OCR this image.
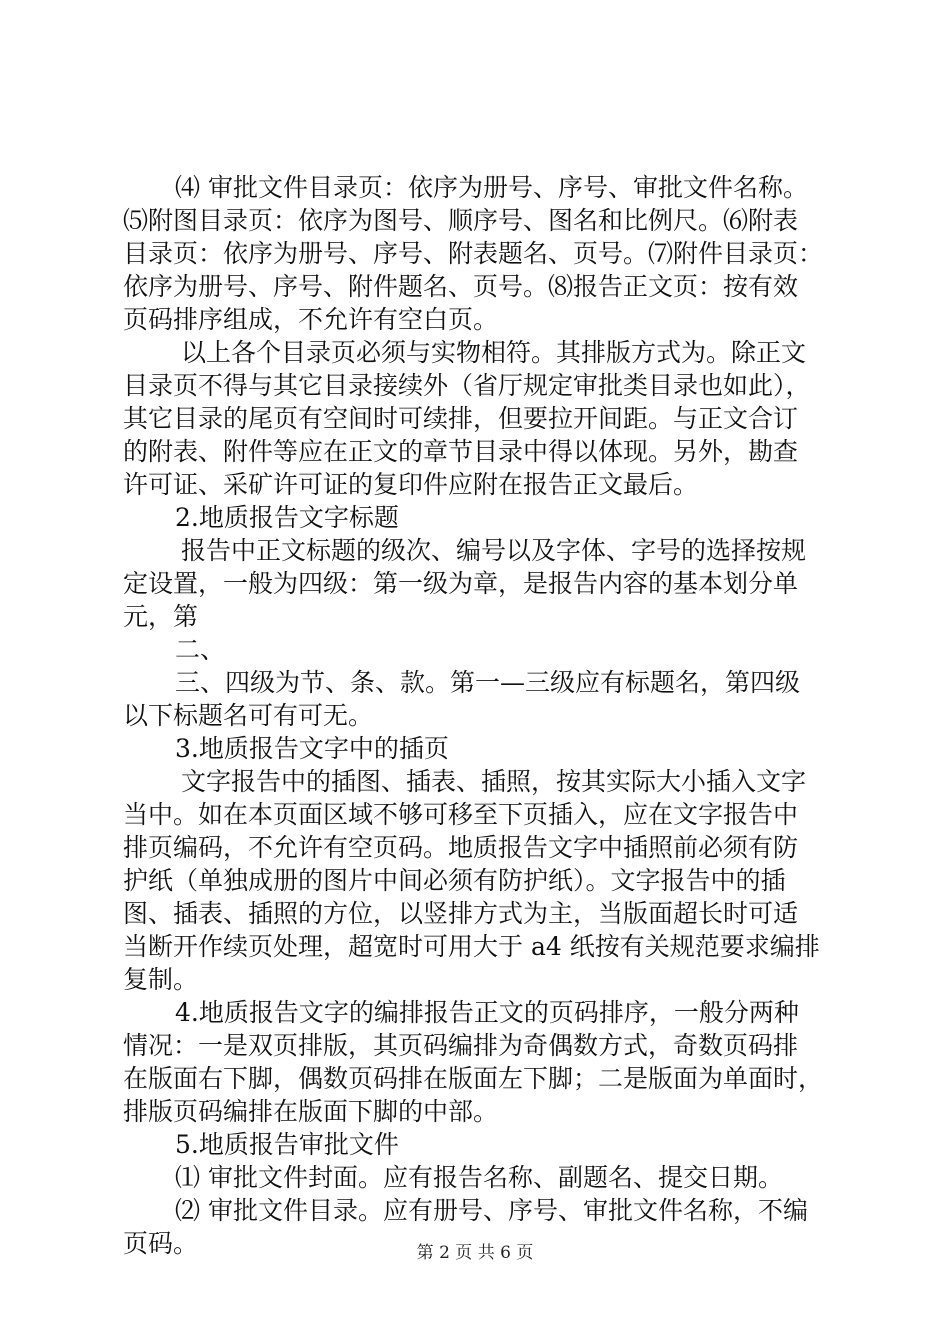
⑷ 审批文件目录页：依序为册号、序号、审批文件名称。
⑸附图目录页：依序为图号、顺序号、图名和比例尺。⑹附表
目录页：依序为册号、序号、附表题名、页号。⑺附件目录页：
依序为册号、序号、附件题名、页号。⑻报告正文页：按有效
页码排序组成，不允许有空白页。
以上各个目录页必须与实物相符。其排版方式为。除正文
目录页不得与其它目录接续外（省厅规定审批类目录也如此），
其它目录的尾页有空间时可续排，但要拉开间距。与正文合订
的附表、附件等应在正文的章节目录中得以体现。另外，勘查
许可证、采矿许可证的复印件应附在报告正文最后。
2.地质报告文字标题
报告中正文标题的级次、编号以及字体、字号的选择按规
定设置，一般为四级：第一级为章，是报告内容的基本划分单
元，第
二、
三、四级为节、条、款。第一—三级应有标题名，第四级
以下标题名可有可无。
3.地质报告文字中的插页
文字报告中的插图、插表、插照，按其实际大小插入文字
当中。如在本页面区域不够可移至下页插入，应在文字报告中
排页编码，不允许有空页码。地质报告文字中插照前必须有防
护纸（单独成册的图片中间必须有防护纸）。文字报告中的插
图、插表、插照的方位，以竖排方式为主，当版面超长时可适
当断开作续页处理，超宽时可用大于 a4 纸按有关规范要求编排
复制。
4.地质报告文字的编排报告正文的页码排序，一般分两种
情况：一是双页排版，其页码编排为奇偶数方式，奇数页码排
在版面右下脚，偶数页码排在版面左下脚；二是版面为单面时，
排版页码编排在版面下脚的中部。
5.地质报告审批文件
⑴ 审批文件封面。应有报告名称、副题名、提交日期。
⑵ 审批文件目录。应有册号、序号、审批文件名称，不编
页码。	第 2 页 共 6 页
